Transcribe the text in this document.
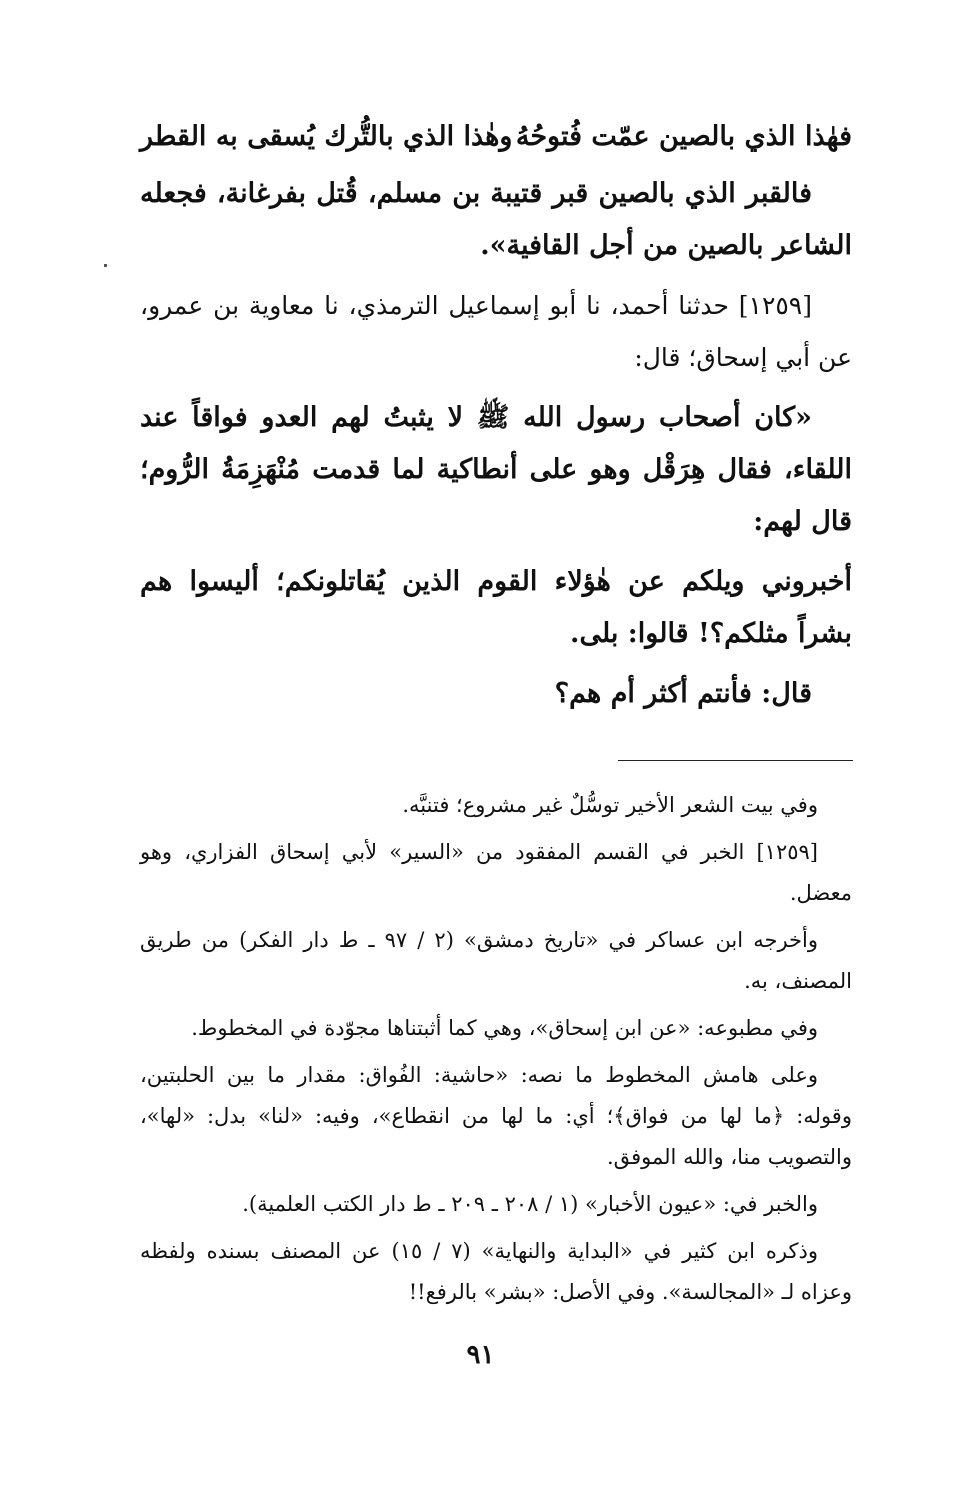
فهٰذا الذي بالصين عمّت فُتوحُهُ
وهٰذا الذي بالتُّرك يُسقى به القطر

فالقبر الذي بالصين قبر قتيبة بن مسلم، قُتل بفرغانة، فجعله الشاعر بالصين من أجل القافية».

[١٢٥٩] حدثنا أحمد، نا أبو إسماعيل الترمذي، نا معاوية بن عمرو، عن أبي إسحاق؛ قال:

«كان أصحاب رسول الله ﷺ لا يثبتُ لهم العدو فواقاً عند اللقاء، فقال هِرَقْل وهو على أنطاكية لما قدمت مُنْهَزِمَةُ الرُّوم؛ قال لهم:

أخبروني ويلكم عن هٰؤلاء القوم الذين يُقاتلونكم؛ أليسوا هم بشراً مثلكم؟! قالوا: بلى.

قال: فأنتم أكثر أم هم؟

وفي بيت الشعر الأخير توسُّلٌ غير مشروع؛ فتنبَّه.

[١٢٥٩] الخبر في القسم المفقود من «السير» لأبي إسحاق الفزاري، وهو معضل.

وأخرجه ابن عساكر في «تاريخ دمشق» (٢ / ٩٧ ـ ط دار الفكر) من طريق المصنف، به.

وفي مطبوعه: «عن ابن إسحاق»، وهي كما أثبتناها مجوّدة في المخطوط.

وعلى هامش المخطوط ما نصه: «حاشية: الفُواق: مقدار ما بين الحلبتين، وقوله: ﴿ما لها من فواق﴾؛ أي: ما لها من انقطاع»، وفيه: «لنا» بدل: «لها»، والتصويب منا، والله الموفق.

والخبر في: «عيون الأخبار» (١ / ٢٠٨ ـ ٢٠٩ ـ ط دار الكتب العلمية).

وذكره ابن كثير في «البداية والنهاية» (٧ / ١٥) عن المصنف بسنده ولفظه وعزاه لـ «المجالسة». وفي الأصل: «بشر» بالرفع!!

٩١
